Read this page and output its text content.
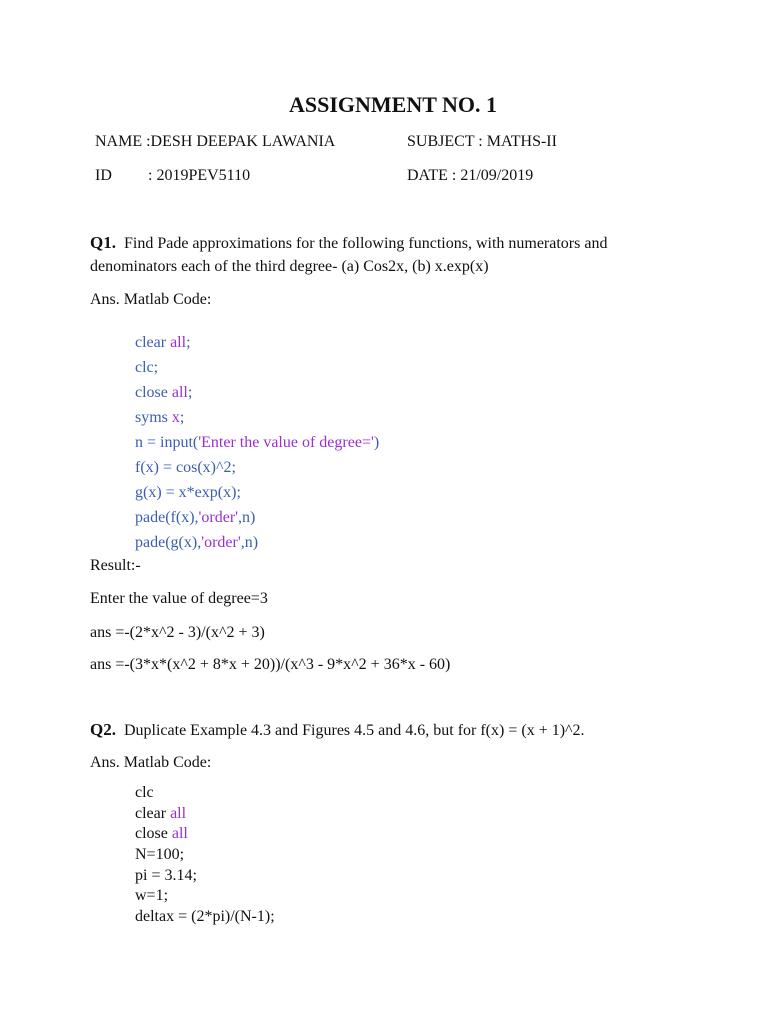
ASSIGNMENT NO. 1
NAME :DESH DEEPAK LAWANIA	SUBJECT : MATHS-II
ID : 2019PEV5110	DATE : 21/09/2019
Q1. Find Pade approximations for the following functions, with numerators and
denominators each of the third degree- (a) Cos2x, (b) x.exp(x)
Ans. Matlab Code:
clear all;
clc;
close all;
syms x;
n = input('Enter the value of degree=')
f(x) = cos(x)^2;
g(x) = x*exp(x);
pade(f(x),'order',n)
pade(g(x),'order',n)
Result:-
Enter the value of degree=3
ans =-(2*x^2 - 3)/(x^2 + 3)
ans =-(3*x*(x^2 + 8*x + 20))/(x^3 - 9*x^2 + 36*x - 60)
Q2. Duplicate Example 4.3 and Figures 4.5 and 4.6, but for f(x) = (x + 1)^2.
Ans. Matlab Code:
clc
clear all
close all
N=100;
pi = 3.14;
w=1;
deltax = (2*pi)/(N-1);
